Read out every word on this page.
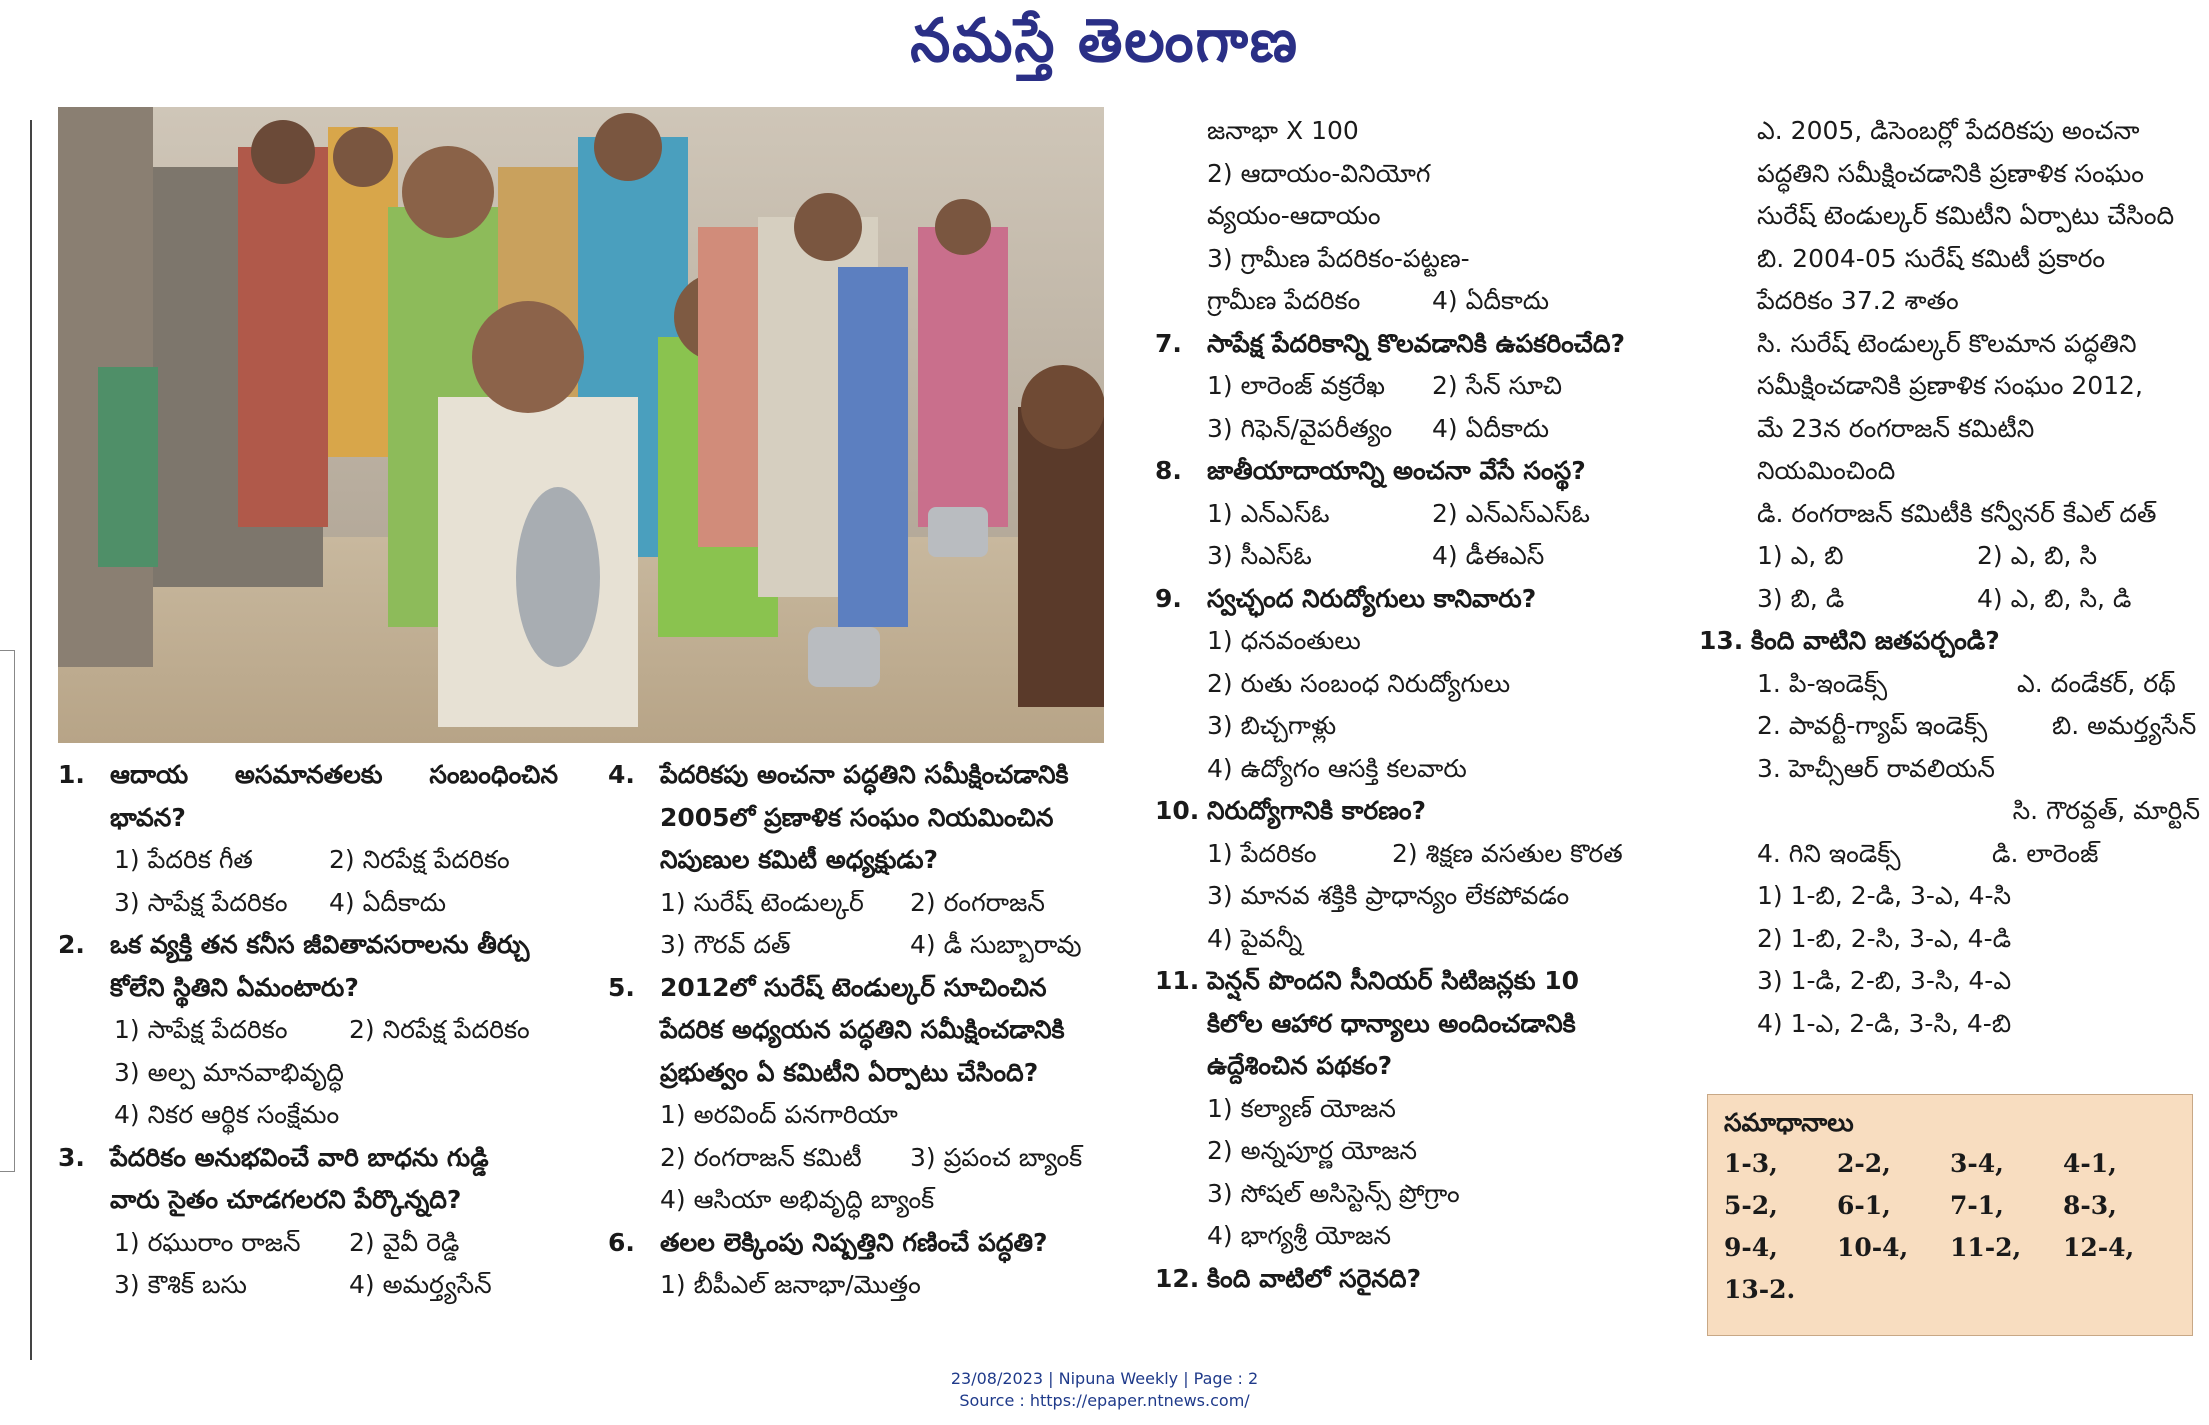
నమస్తే తెలంగాణ
1. ఆదాయ అసమానతలకు సంబంధించిన

భావన?

1) పేదరిక గీత	2) నిరపేక్ష పేదరికం

3) సాపేక్ష పేదరికం 4) ఏదీకాదు

2. ఒక వ్యక్తి తన కనీస జీవితావసరాలను తీర్చు

కోలేని స్థితిని ఏమంటారు?

1) సాపేక్ష పేదరికం 2) నిరపేక్ష పేదరికం

3) అల్ప మానవాభివృద్ధి

4) నికర ఆర్థిక సంక్షేమం

3. పేదరికం అనుభవించే వారి బాధను గుడ్డి

వారు సైతం చూడగలరని పేర్కొన్నది?

1) రఘురాం రాజన్ 2) వైవీ రెడ్డి

3) కౌశిక్ బసు	4) అమర్త్యసేన్

4. పేదరికపు అంచనా పద్ధతిని సమీక్షించడానికి

2005లో ప్రణాళిక సంఘం నియమించిన

నిపుణుల కమిటీ అధ్యక్షుడు?

1) సురేష్ టెండుల్కర్ 2) రంగరాజన్

3) గౌరవ్ దత్	4) డీ సుబ్బారావు

5. 2012లో సురేష్ టెండుల్కర్ సూచించిన

పేదరిక అధ్యయన పద్ధతిని సమీక్షించడానికి

ప్రభుత్వం ఏ కమిటీని ఏర్పాటు చేసింది?

1) అరవింద్ పనగారియా

2) రంగరాజన్ కమిటీ 3) ప్రపంచ బ్యాంక్

4) ఆసియా అభివృద్ధి బ్యాంక్

6. తలల లెక్కింపు నిష్పత్తిని గణించే పద్ధతి?

1) బీపీఎల్ జనాభా/మొత్తం

జనాభా X 100

2) ఆదాయం-వినియోగ

వ్యయం-ఆదాయం

3) గ్రామీణ పేదరికం-పట్టణ-

గ్రామీణ పేదరికం	4) ఏదీకాదు

7. సాపేక్ష పేదరికాన్ని కొలవడానికి ఉపకరించేది?

1) లారెంజ్ వక్రరేఖ 2) సేన్ సూచి

3) గిఫెన్/వైపరీత్యం 4) ఏదీకాదు

8. జాతీయాదాయాన్ని అంచనా వేసే సంస్థ?

1) ఎన్ఎస్ఓ	2) ఎన్ఎస్ఎస్ఓ

3) సీఎస్ఓ	4) డీఈఎస్

9. స్వచ్ఛంద నిరుద్యోగులు కానివారు?

1) ధనవంతులు

2) రుతు సంబంధ నిరుద్యోగులు

3) బిచ్చగాళ్లు

4) ఉద్యోగం ఆసక్తి కలవారు

10. నిరుద్యోగానికి కారణం?

1) పేదరికం	2) శిక్షణ వసతుల కొరత

3) మానవ శక్తికి ప్రాధాన్యం లేకపోవడం

4) పైవన్నీ

11. పెన్షన్ పొందని సీనియర్ సిటిజన్లకు 10

కిలోల ఆహార ధాన్యాలు అందించడానికి

ఉద్దేశించిన పథకం?

1) కల్యాణ్ యోజన

2) అన్నపూర్ణ యోజన

3) సోషల్ అసిస్టెన్స్ ప్రోగ్రాం

4) భాగ్యశ్రీ యోజన

12. కింది వాటిలో సరైనది?

ఎ. 2005, డిసెంబర్లో పేదరికపు అంచనా

పద్ధతిని సమీక్షించడానికి ప్రణాళిక సంఘం

సురేష్ టెండుల్కర్ కమిటీని ఏర్పాటు చేసింది

బి. 2004-05 సురేష్ కమిటీ ప్రకారం

పేదరికం 37.2 శాతం

సి. సురేష్ టెండుల్కర్ కొలమాన పద్ధతిని

సమీక్షించడానికి ప్రణాళిక సంఘం 2012,

మే 23న రంగరాజన్ కమిటీని

నియమించింది

డి. రంగరాజన్ కమిటీకి కన్వీనర్ కేఎల్ దత్

1) ఎ, బి	2) ఎ, బి, సి

3) బి, డి	4) ఎ, బి, సి, డి

13. కింది వాటిని జతపర్చండి?

1. పి-ఇండెక్స్	ఎ. దండేకర్, రథ్

2. పావర్టీ-గ్యాప్ ఇండెక్స్	బి. అమర్త్యసేన్

3. హెచ్సీఆర్ రావలియన్

సి. గౌరవ్దత్, మార్టిన్

4. గిని ఇండెక్స్	డి. లారెంజ్

1) 1-బి, 2-డి, 3-ఎ, 4-సి

2) 1-బి, 2-సి, 3-ఎ, 4-డి

3) 1-డి, 2-బి, 3-సి, 4-ఎ

4) 1-ఎ, 2-డి, 3-సి, 4-బి

సమాధానాలు
1-3,	2-2,	3-4,	4-1,
5-2,	6-1,	7-1,	8-3,
9-4,	10-4,	11-2,	12-4,
13-2.
23/08/2023 | Nipuna Weekly | Page : 2
Source : https://epaper.ntnews.com/
